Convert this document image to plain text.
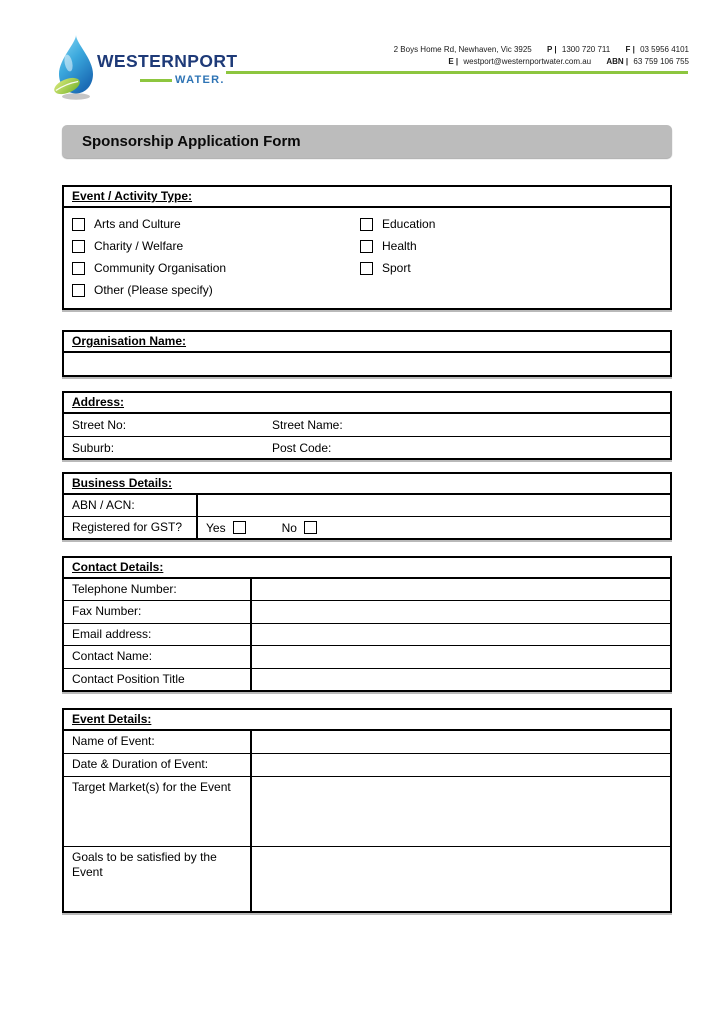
WESTERNPORT
WATER.
2 Boys Home Rd, Newhaven, Vic 3925 P | 1300 720 711 F | 03 5956 4101
E | westport@westernportwater.com.au ABN | 63 759 106 755
Sponsorship Application Form
Event / Activity Type:
Arts and Culture
Charity / Welfare
Community Organisation
Other (Please specify)
Education
Health
Sport
Organisation Name:
Address:
Street No:	Street Name:
Suburb:	Post Code:
Business Details:
ABN / ACN:
Registered for GST?	Yes	No
Contact Details:
Telephone Number:
Fax Number:
Email address:
Contact Name:
Contact Position Title
Event Details:
Name of Event:
Date & Duration of Event:
Target Market(s) for the Event
Goals to be satisfied by the Event
